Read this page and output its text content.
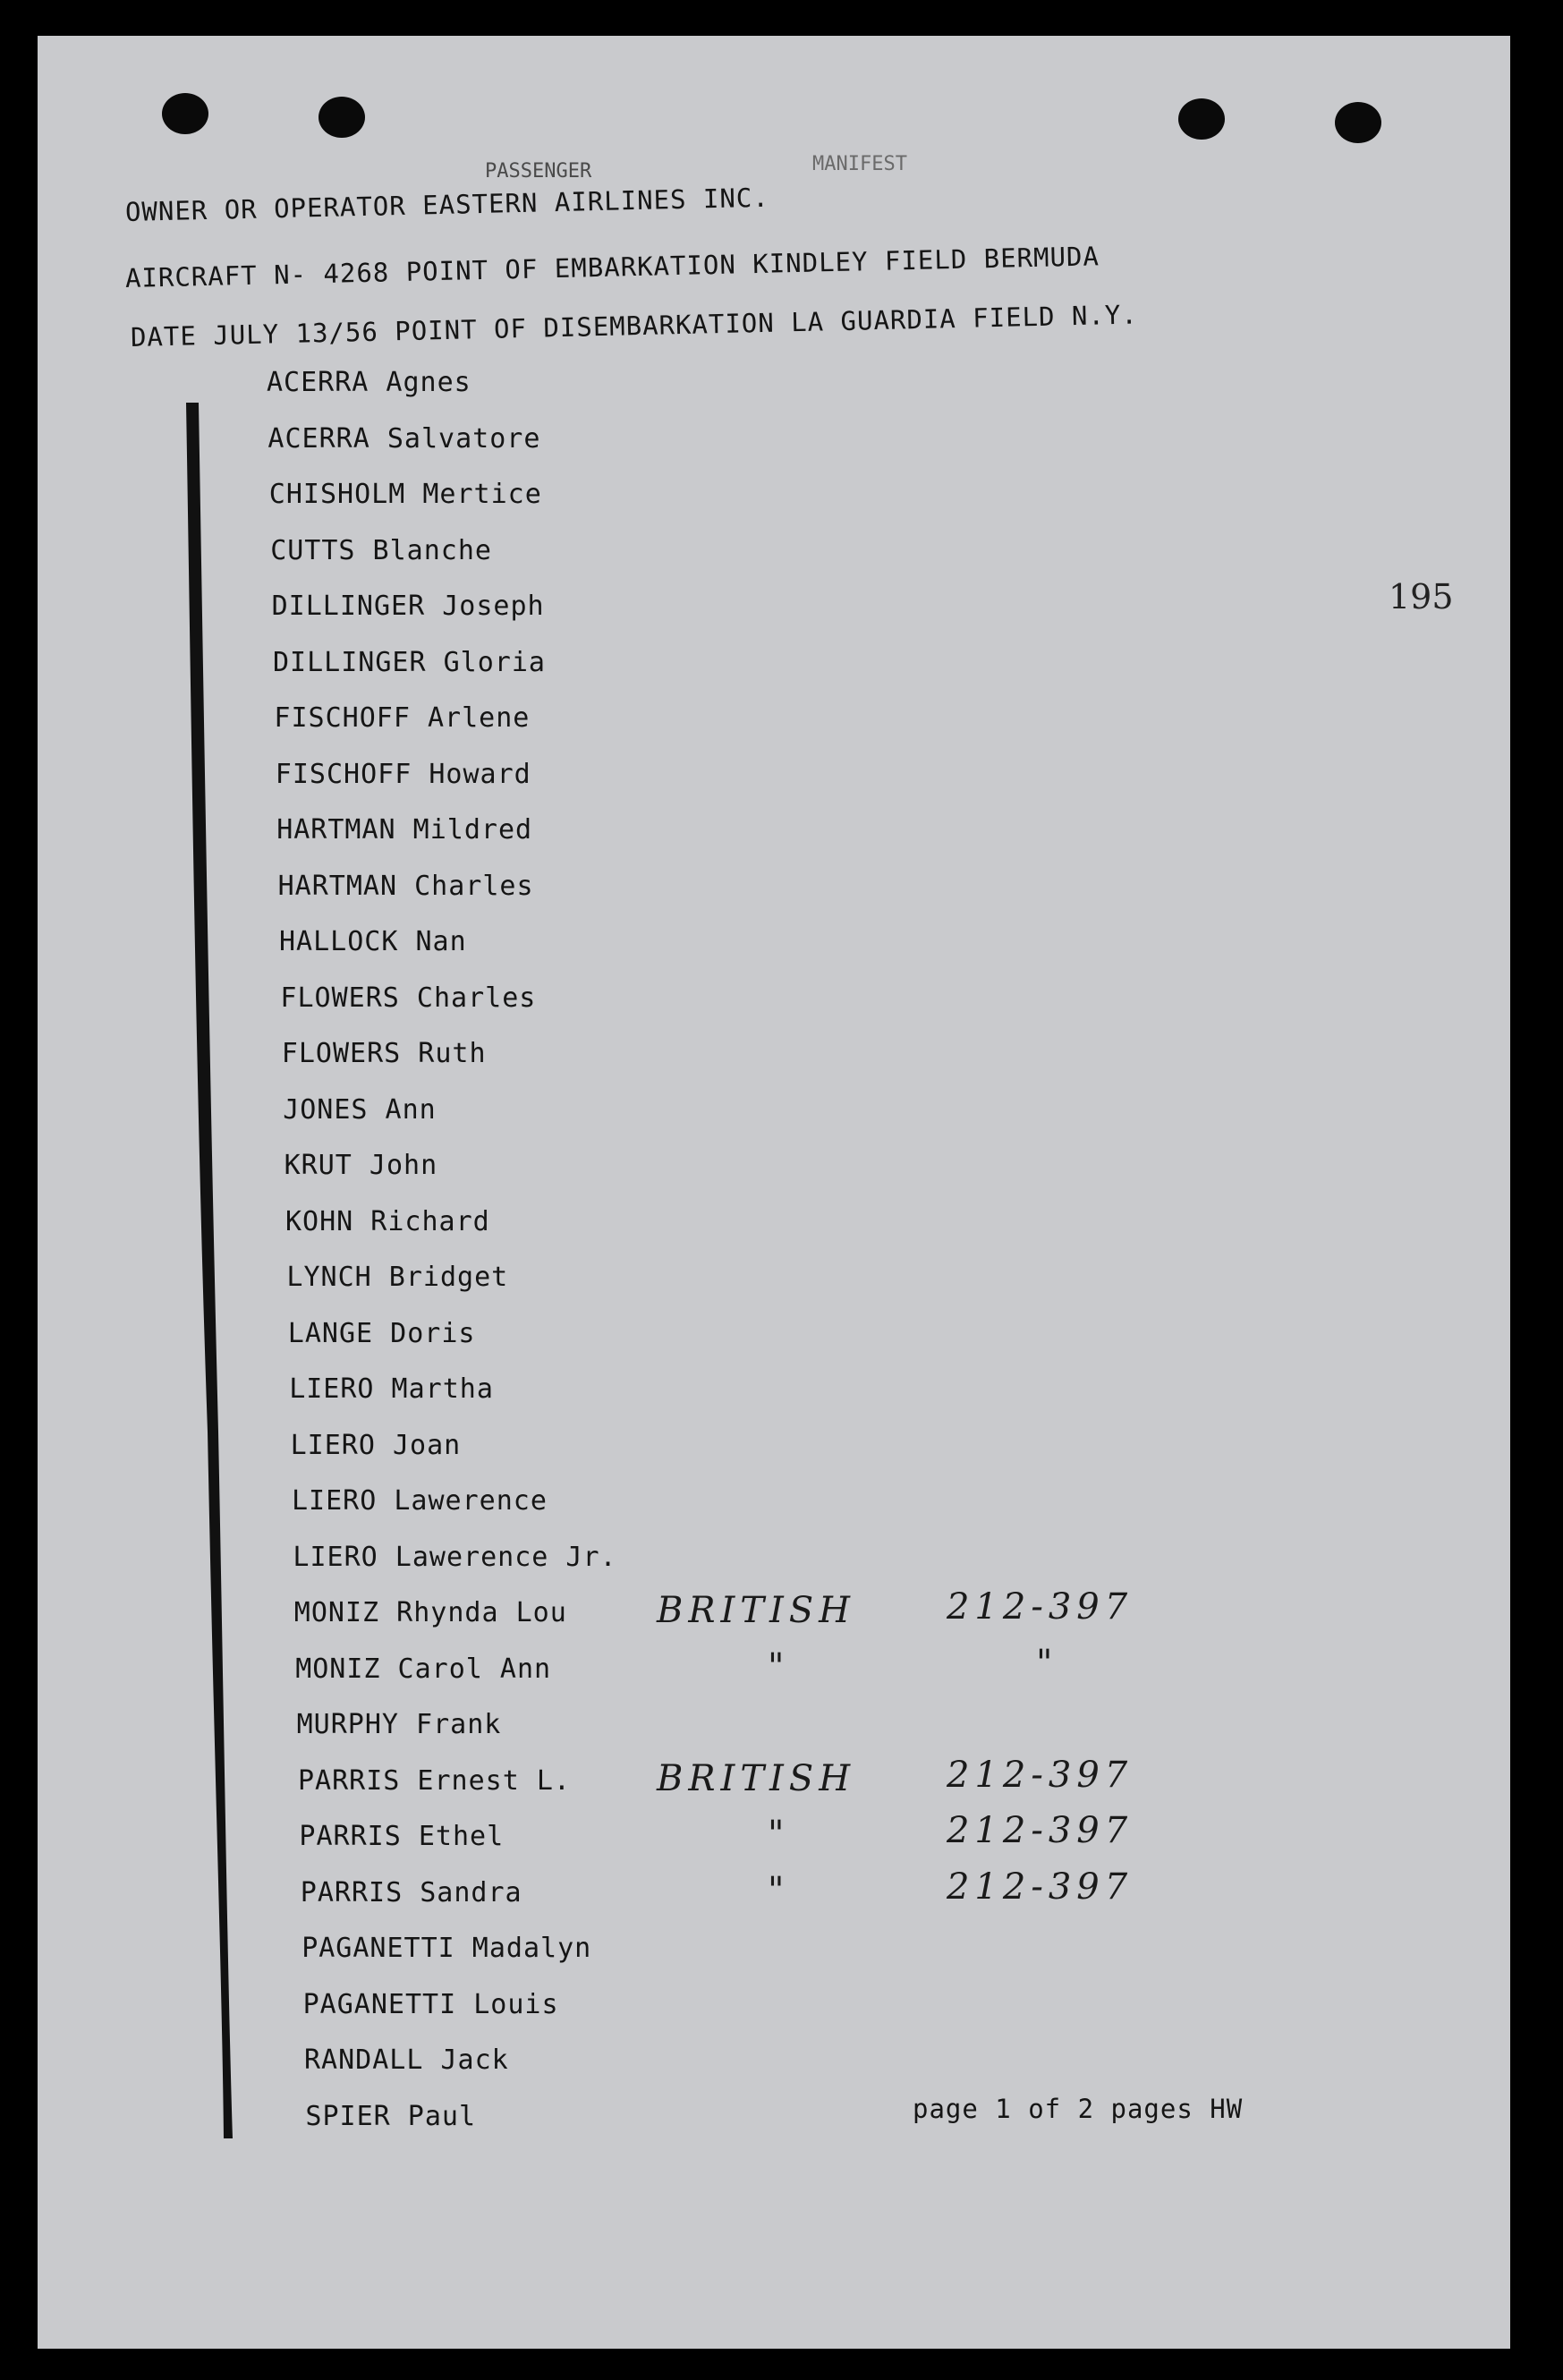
PASSENGER	MANIFEST
OWNER OR OPERATOR EASTERN AIRLINES INC.
AIRCRAFT N- 4268 POINT OF EMBARKATION KINDLEY FIELD BERMUDA
DATE JULY 13/56 POINT OF DISEMBARKATION LA GUARDIA FIELD N.Y.
ACERRA Agnes
ACERRA Salvatore
CHISHOLM Mertice
CUTTS Blanche
DILLINGER Joseph
DILLINGER Gloria
FISCHOFF Arlene
FISCHOFF Howard
HARTMAN Mildred
HARTMAN Charles
HALLOCK Nan
FLOWERS Charles
FLOWERS Ruth
JONES Ann
KRUT John
KOHN Richard
LYNCH Bridget
LANGE Doris
LIERO Martha
LIERO Joan
LIERO Lawerence
LIERO Lawerence Jr.
MONIZ Rhynda Lou	BRITISH	212-397
MONIZ Carol Ann	"	"
MURPHY Frank
PARRIS Ernest L. BRITISH	212-397
PARRIS Ethel	"	212-397
PARRIS Sandra	"	212-397
PAGANETTI Madalyn
PAGANETTI Louis
RANDALL Jack
SPIER Paul
195
page 1 of 2 pages HW
